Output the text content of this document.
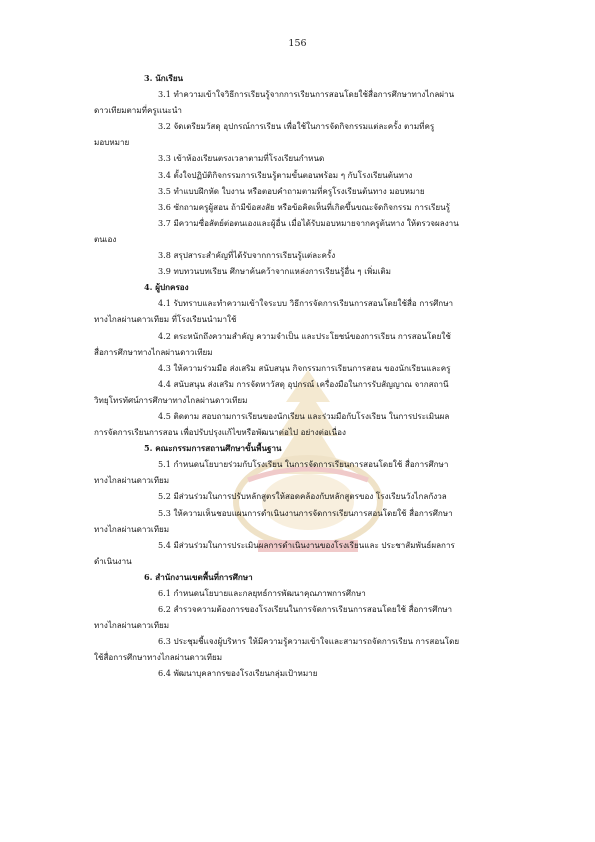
156

3. นักเรียน

3.1 ทำความเข้าใจวิธีการเรียนรู้จากการเรียนการสอนโดยใช้สื่อการศึกษาทางไกลผ่าน

ดาวเทียมตามที่ครูแนะนำ

3.2 จัดเตรียมวัสดุ อุปกรณ์การเรียน เพื่อใช้ในการจัดกิจกรรมแต่ละครั้ง ตามที่ครู

มอบหมาย

3.3 เข้าห้องเรียนตรงเวลาตามที่โรงเรียนกำหนด

3.4 ตั้งใจปฏิบัติกิจกรรมการเรียนรู้ตามขั้นตอนพร้อม ๆ กับโรงเรียนต้นทาง

3.5 ทำแบบฝึกหัด ใบงาน หรือตอบคำถามตามที่ครูโรงเรียนต้นทาง มอบหมาย

3.6 ซักถามครูผู้สอน ถ้ามีข้อสงสัย หรือข้อคิดเห็นที่เกิดขึ้นขณะจัดกิจกรรม การเรียนรู้

3.7 มีความซื่อสัตย์ต่อตนเองและผู้อื่น เมื่อได้รับมอบหมายจากครูต้นทาง ให้ตรวจผลงาน

ตนเอง

3.8 สรุปสาระสำคัญที่ได้รับจากการเรียนรู้แต่ละครั้ง

3.9 ทบทวนบทเรียน ศึกษาค้นคว้าจากแหล่งการเรียนรู้อื่น ๆ เพิ่มเติม

4. ผู้ปกครอง

4.1 รับทราบและทำความเข้าใจระบบ วิธีการจัดการเรียนการสอนโดยใช้สื่อ การศึกษา

ทางไกลผ่านดาวเทียม ที่โรงเรียนนำมาใช้

4.2 ตระหนักถึงความสำคัญ ความจำเป็น และประโยชน์ของการเรียน การสอนโดยใช้

สื่อการศึกษาทางไกลผ่านดาวเทียม

4.3 ให้ความร่วมมือ ส่งเสริม สนับสนุน กิจกรรมการเรียนการสอน ของนักเรียนและครู

4.4 สนับสนุน ส่งเสริม การจัดหาวัสดุ อุปกรณ์ เครื่องมือในการรับสัญญาณ จากสถานี

วิทยุโทรทัศน์การศึกษาทางไกลผ่านดาวเทียม

4.5 ติดตาม สอบถามการเรียนของนักเรียน และร่วมมือกับโรงเรียน ในการประเมินผล

การจัดการเรียนการสอน เพื่อปรับปรุงแก้ไขหรือพัฒนาต่อไป อย่างต่อเนื่อง

5. คณะกรรมการสถานศึกษาขั้นพื้นฐาน

5.1 กำหนดนโยบายร่วมกับโรงเรียน ในการจัดการเรียนการสอนโดยใช้ สื่อการศึกษา

ทางไกลผ่านดาวเทียม

5.2 มีส่วนร่วมในการปรับหลักสูตรให้สอดคล้องกับหลักสูตรของ โรงเรียนวังไกลกังวล

5.3 ให้ความเห็นชอบแผนการดำเนินงานการจัดการเรียนการสอนโดยใช้ สื่อการศึกษา

ทางไกลผ่านดาวเทียม

5.4 มีส่วนร่วมในการประเมินผลการดำเนินงานของโรงเรียนและ ประชาสัมพันธ์ผลการ

ดำเนินงาน

6. สำนักงานเขตพื้นที่การศึกษา

6.1 กำหนดนโยบายและกลยุทธ์การพัฒนาคุณภาพการศึกษา

6.2 สำรวจความต้องการของโรงเรียนในการจัดการเรียนการสอนโดยใช้ สื่อการศึกษา

ทางไกลผ่านดาวเทียม

6.3 ประชุมชี้แจงผู้บริหาร ให้มีความรู้ความเข้าใจและสามารถจัดการเรียน การสอนโดย

ใช้สื่อการศึกษาทางไกลผ่านดาวเทียม

6.4 พัฒนาบุคลากรของโรงเรียนกลุ่มเป้าหมาย
